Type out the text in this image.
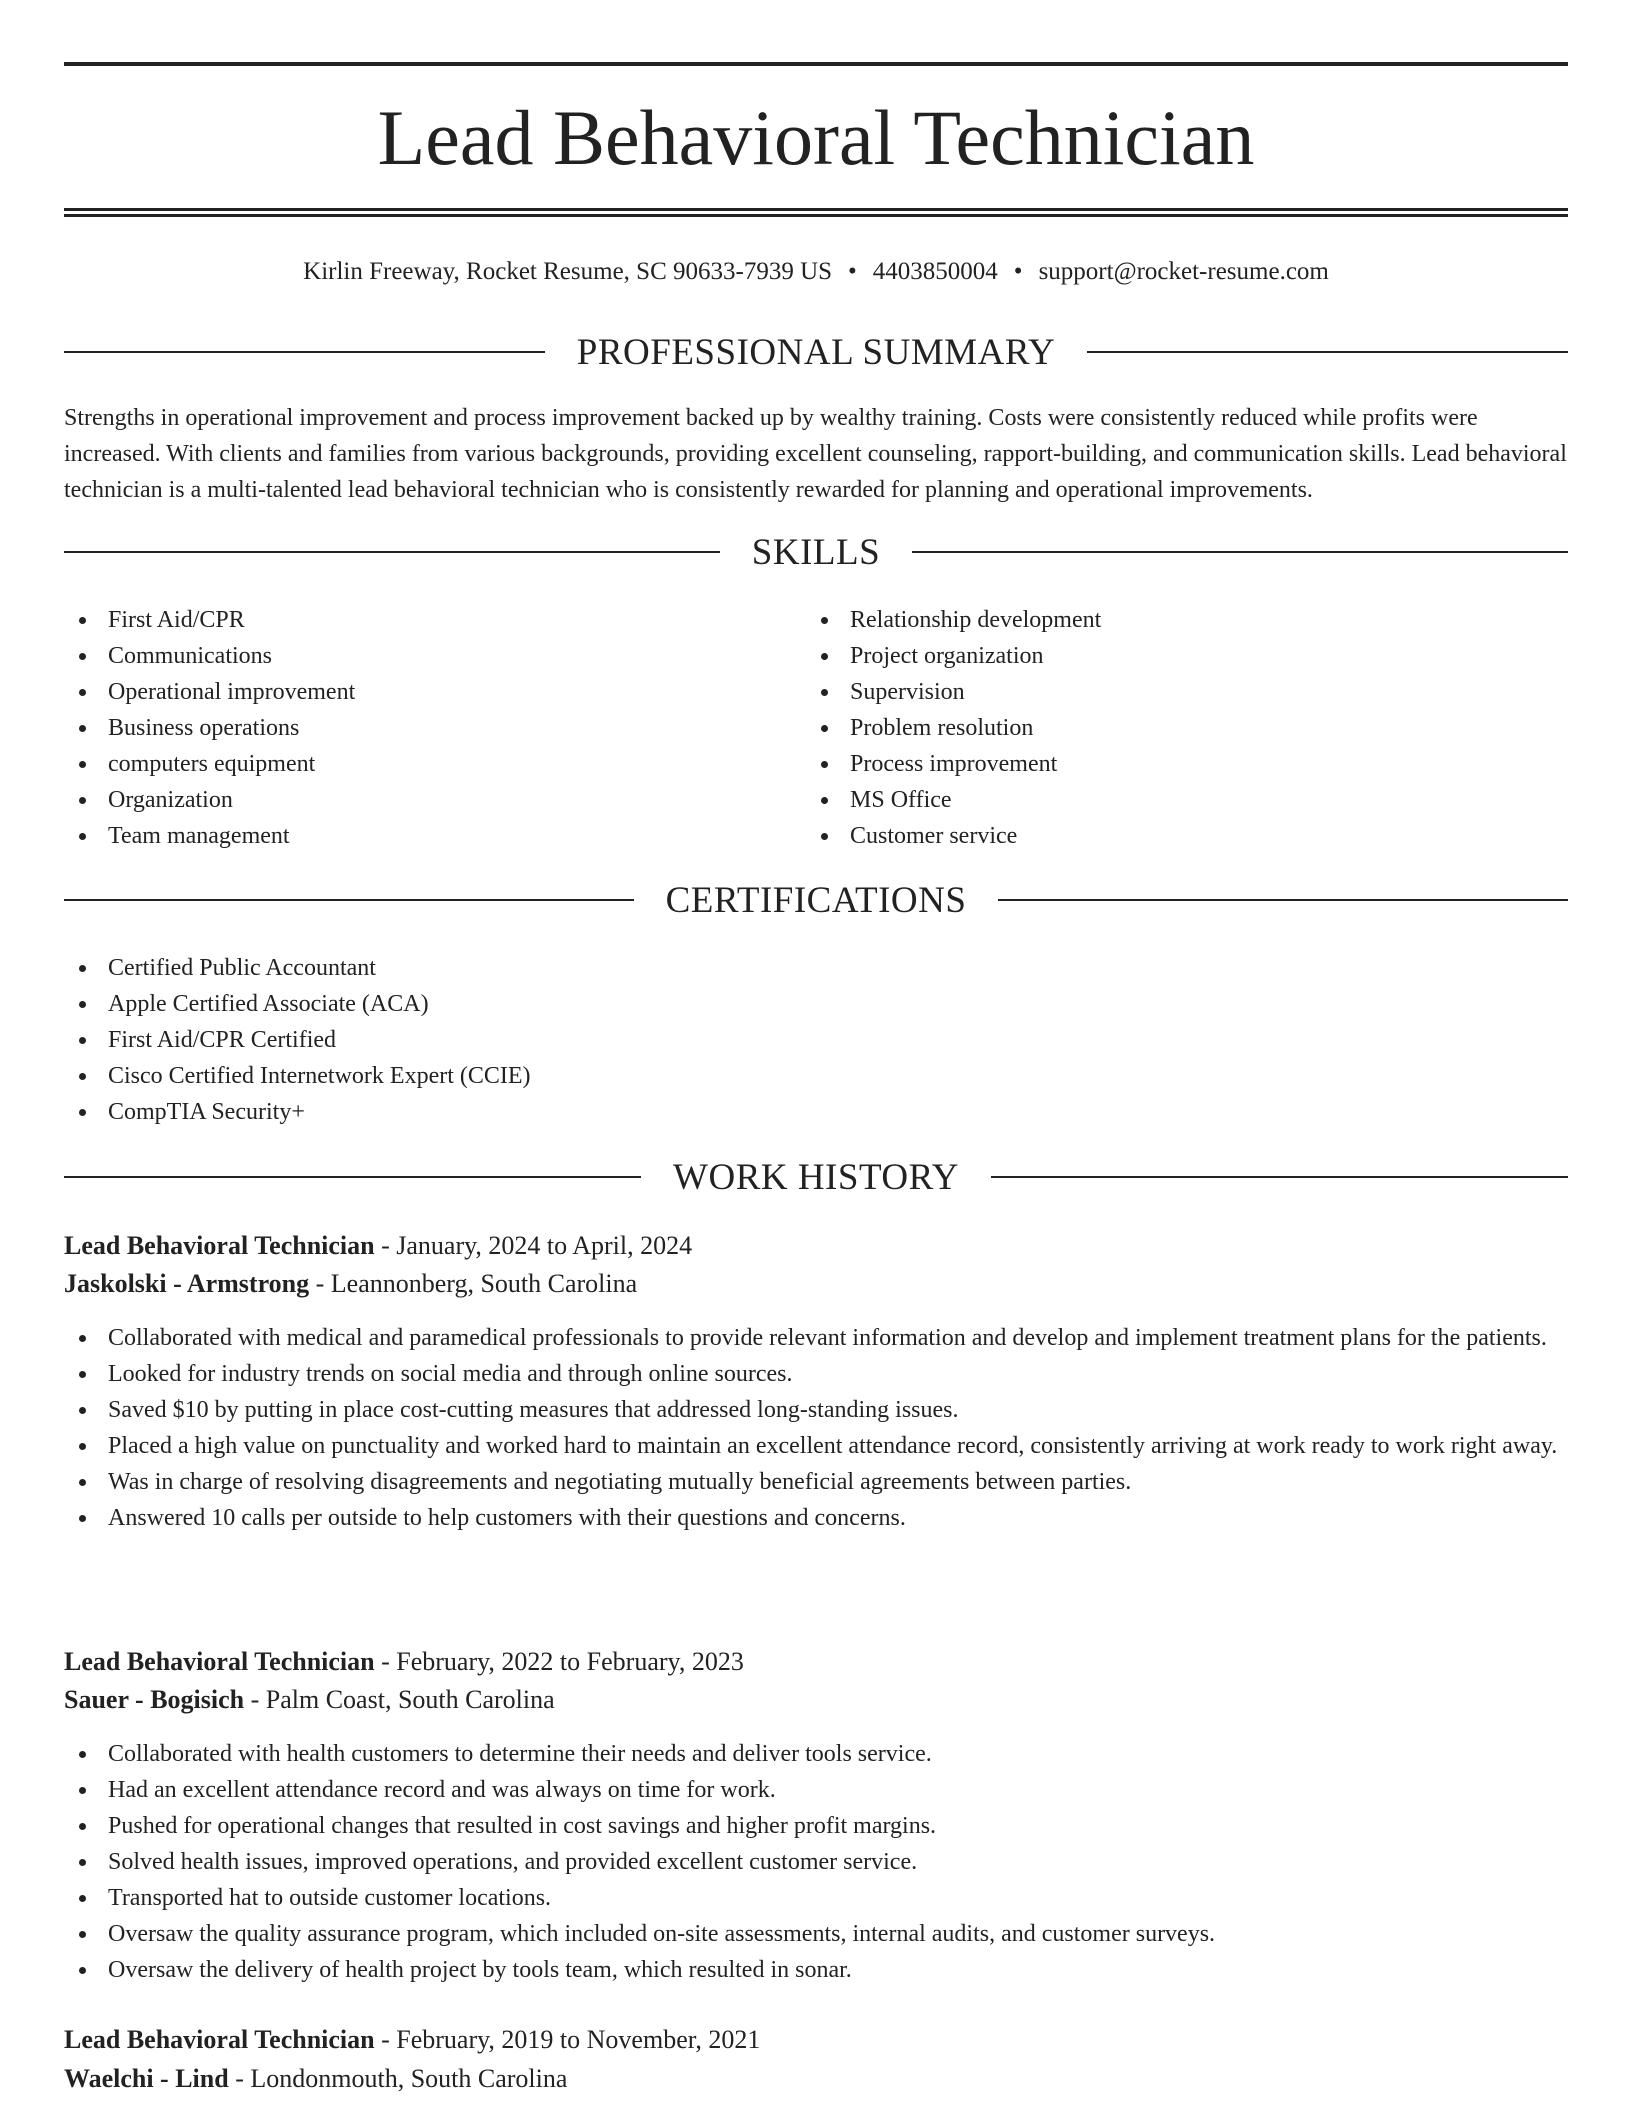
Lead Behavioral Technician
Kirlin Freeway, Rocket Resume, SC 90633-7939 US • 4403850004 • support@rocket-resume.com
PROFESSIONAL SUMMARY

Strengths in operational improvement and process improvement backed up by wealthy training. Costs were consistently reduced while profits were increased. With clients and families from various backgrounds, providing excellent counseling, rapport-building, and communication skills. Lead behavioral technician is a multi-talented lead behavioral technician who is consistently rewarded for planning and operational improvements.

SKILLS
First Aid/CPR
Communications
Operational improvement
Business operations
computers equipment
Organization
Team management
Relationship development
Project organization
Supervision
Problem resolution
Process improvement
MS Office
Customer service
CERTIFICATIONS
Certified Public Accountant
Apple Certified Associate (ACA)
First Aid/CPR Certified
Cisco Certified Internetwork Expert (CCIE)
CompTIA Security+
WORK HISTORY
Lead Behavioral Technician - January, 2024 to April, 2024
Jaskolski - Armstrong - Leannonberg, South Carolina
Collaborated with medical and paramedical professionals to provide relevant information and develop and implement treatment plans for the patients.
Looked for industry trends on social media and through online sources.
Saved $10 by putting in place cost-cutting measures that addressed long-standing issues.
Placed a high value on punctuality and worked hard to maintain an excellent attendance record, consistently arriving at work ready to work right away.
Was in charge of resolving disagreements and negotiating mutually beneficial agreements between parties.
Answered 10 calls per outside to help customers with their questions and concerns.
Lead Behavioral Technician - February, 2022 to February, 2023
Sauer - Bogisich - Palm Coast, South Carolina
Collaborated with health customers to determine their needs and deliver tools service.
Had an excellent attendance record and was always on time for work.
Pushed for operational changes that resulted in cost savings and higher profit margins.
Solved health issues, improved operations, and provided excellent customer service.
Transported hat to outside customer locations.
Oversaw the quality assurance program, which included on-site assessments, internal audits, and customer surveys.
Oversaw the delivery of health project by tools team, which resulted in sonar.
Lead Behavioral Technician - February, 2019 to November, 2021
Waelchi - Lind - Londonmouth, South Carolina
